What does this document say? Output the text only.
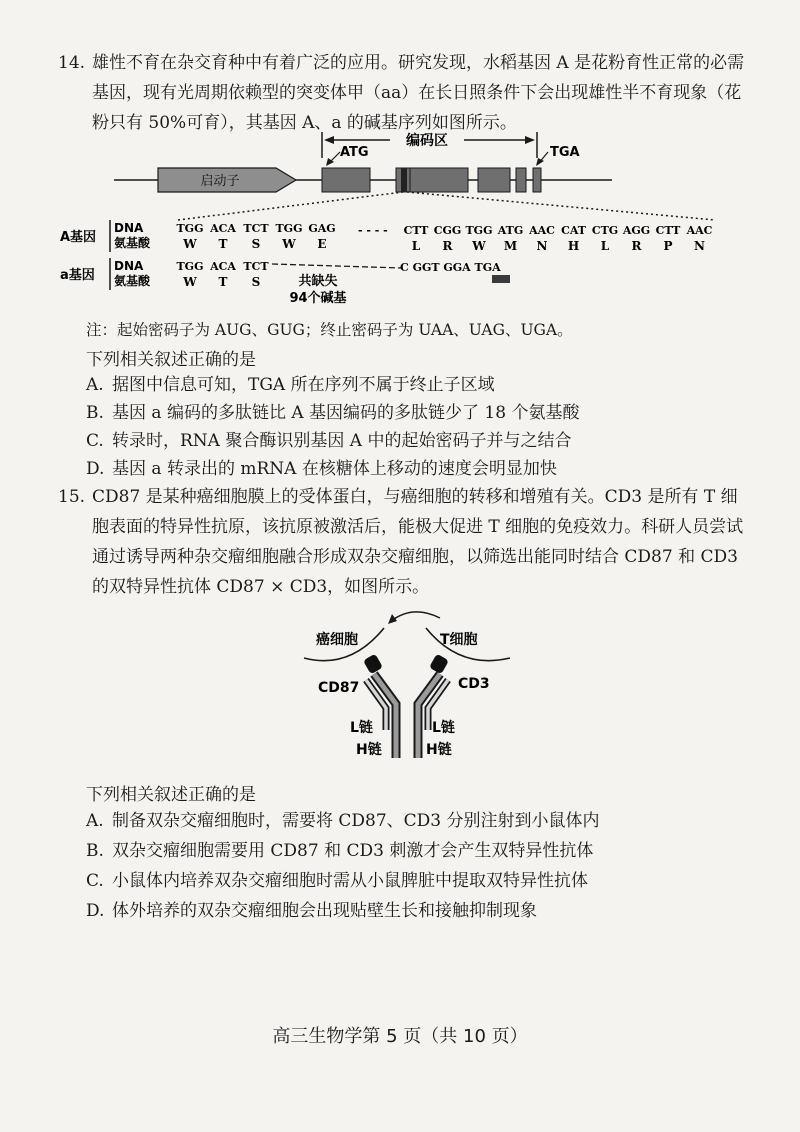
14. 雄性不育在杂交育种中有着广泛的应用。研究发现，水稻基因 A 是花粉育性正常的必需基因，现有光周期依赖型的突变体甲（aa）在长日照条件下会出现雄性半不育现象（花粉只有 50%可育），其基因 A、a 的碱基序列如图所示。
编码区
ATG	TGA
启动子
A基因
DNA
氨基酸
TGG ACA TCT TGG GAG
W T S W E
- - - - CTT CGG TGG ATG AAC CAT CTG AGG CTT AAC
L R W M N H L R P N
a基因
DNA
氨基酸
TGG ACA TCT
W T S
C GGT GGA TGA
共缺失
94个碱基
注：起始密码子为 AUG、GUG；终止密码子为 UAA、UAG、UGA。
下列相关叙述正确的是
A. 据图中信息可知，TGA 所在序列不属于终止子区域
B. 基因 a 编码的多肽链比 A 基因编码的多肽链少了 18 个氨基酸
C. 转录时，RNA 聚合酶识别基因 A 中的起始密码子并与之结合
D. 基因 a 转录出的 mRNA 在核糖体上移动的速度会明显加快
15. CD87 是某种癌细胞膜上的受体蛋白，与癌细胞的转移和增殖有关。CD3 是所有 T 细胞表面的特异性抗原，该抗原被激活后，能极大促进 T 细胞的免疫效力。科研人员尝试通过诱导两种杂交瘤细胞融合形成双杂交瘤细胞，以筛选出能同时结合 CD87 和 CD3 的双特异性抗体 CD87 × CD3，如图所示。
癌细胞	T细胞
CD87	CD3
L链	L链
H链	H链
下列相关叙述正确的是
A. 制备双杂交瘤细胞时，需要将 CD87、CD3 分别注射到小鼠体内
B. 双杂交瘤细胞需要用 CD87 和 CD3 刺激才会产生双特异性抗体
C. 小鼠体内培养双杂交瘤细胞时需从小鼠脾脏中提取双特异性抗体
D. 体外培养的双杂交瘤细胞会出现贴壁生长和接触抑制现象
高三生物学第 5 页（共 10 页）
